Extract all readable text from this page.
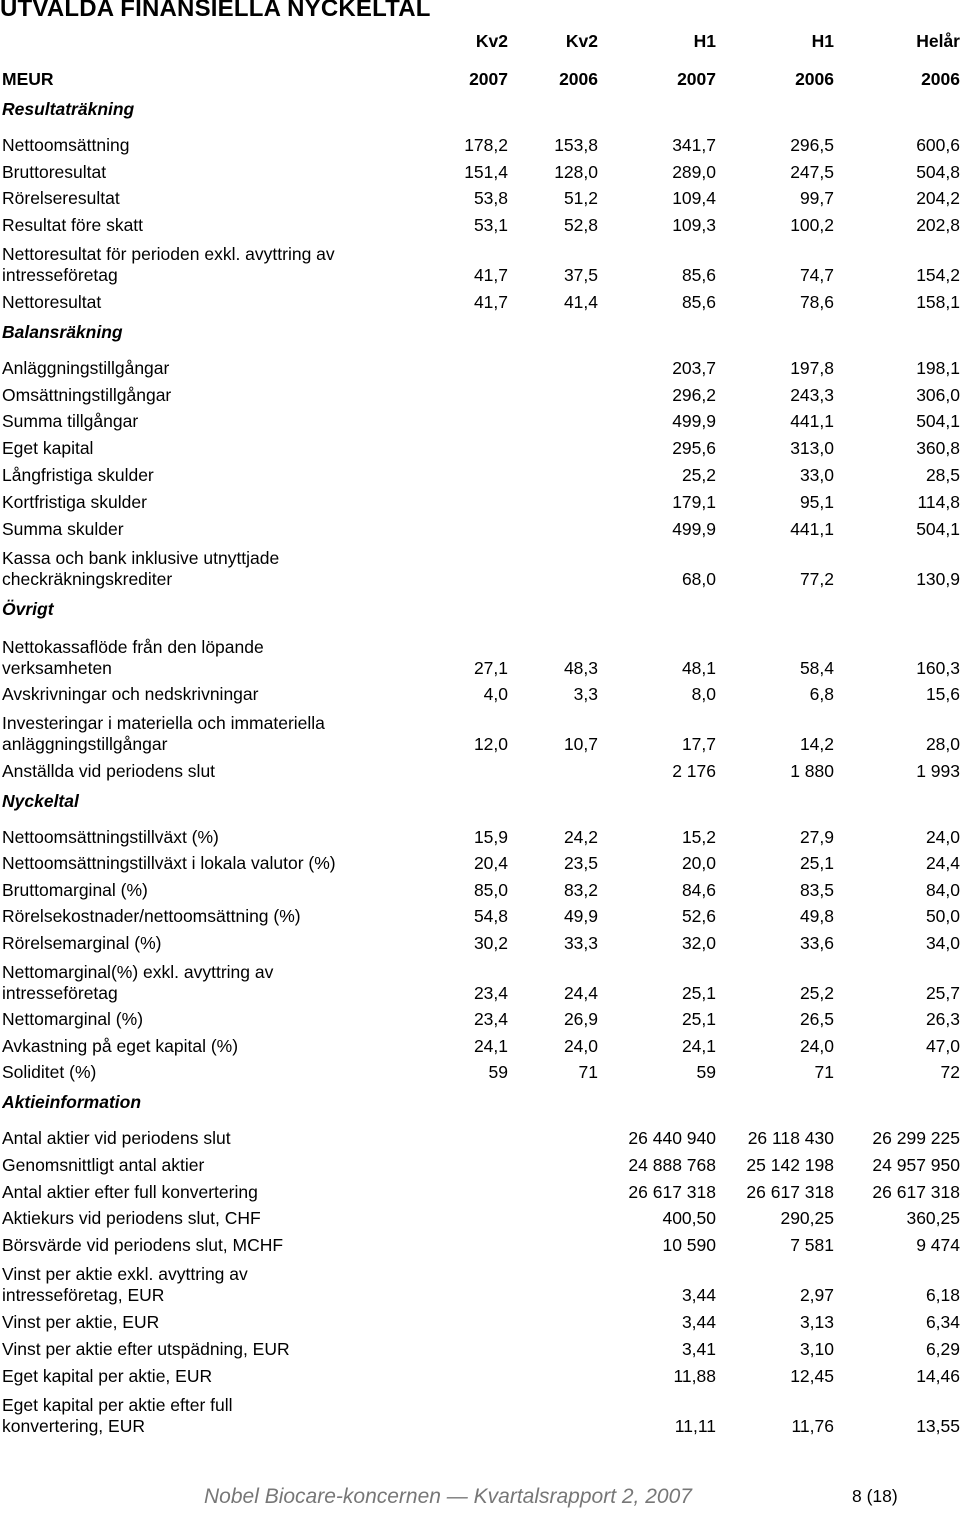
UTVALDA FINANSIELLA NYCKELTAL
	Kv2	Kv2	H1	H1	Helår
MEUR	2007	2006	2007	2006	2006
Resultaträkning					
Nettoomsättning	178,2	153,8	341,7	296,5	600,6
Bruttoresultat	151,4	128,0	289,0	247,5	504,8
Rörelseresultat	53,8	51,2	109,4	99,7	204,2
Resultat före skatt	53,1	52,8	109,3	100,2	202,8
Nettoresultat för perioden exkl. avyttring av
intresseföretag	41,7	37,5	85,6	74,7	154,2
Nettoresultat	41,7	41,4	85,6	78,6	158,1
Balansräkning					
Anläggningstillgångar			203,7	197,8	198,1
Omsättningstillgångar			296,2	243,3	306,0
Summa tillgångar			499,9	441,1	504,1
Eget kapital			295,6	313,0	360,8
Långfristiga skulder			25,2	33,0	28,5
Kortfristiga skulder			179,1	95,1	114,8
Summa skulder			499,9	441,1	504,1
Kassa och bank inklusive utnyttjade
checkräkningskrediter			68,0	77,2	130,9
Övrigt					
Nettokassaflöde från den löpande
verksamheten	27,1	48,3	48,1	58,4	160,3
Avskrivningar och nedskrivningar	4,0	3,3	8,0	6,8	15,6
Investeringar i materiella och immateriella
anläggningstillgångar	12,0	10,7	17,7	14,2	28,0
Anställda vid periodens slut			2 176	1 880	1 993
Nyckeltal					
Nettoomsättningstillväxt (%)	15,9	24,2	15,2	27,9	24,0
Nettoomsättningstillväxt i lokala valutor (%)	20,4	23,5	20,0	25,1	24,4
Bruttomarginal (%)	85,0	83,2	84,6	83,5	84,0
Rörelsekostnader/nettoomsättning (%)	54,8	49,9	52,6	49,8	50,0
Rörelsemarginal (%)	30,2	33,3	32,0	33,6	34,0
Nettomarginal(%) exkl. avyttring av
intresseföretag	23,4	24,4	25,1	25,2	25,7
Nettomarginal (%)	23,4	26,9	25,1	26,5	26,3
Avkastning på eget kapital (%)	24,1	24,0	24,1	24,0	47,0
Soliditet (%)	59	71	59	71	72
Aktieinformation					
Antal aktier vid periodens slut			26 440 940	26 118 430	26 299 225
Genomsnittligt antal aktier			24 888 768	25 142 198	24 957 950
Antal aktier efter full konvertering			26 617 318	26 617 318	26 617 318
Aktiekurs vid periodens slut, CHF			400,50	290,25	360,25
Börsvärde vid periodens slut, MCHF			10 590	7 581	9 474
Vinst per aktie exkl. avyttring av
intresseföretag, EUR			3,44	2,97	6,18
Vinst per aktie, EUR			3,44	3,13	6,34
Vinst per aktie efter utspädning, EUR			3,41	3,10	6,29
Eget kapital per aktie, EUR			11,88	12,45	14,46
Eget kapital per aktie efter full
konvertering, EUR			11,11	11,76	13,55
Nobel Biocare-koncernen — Kvartalsrapport 2, 2007	8 (18)
